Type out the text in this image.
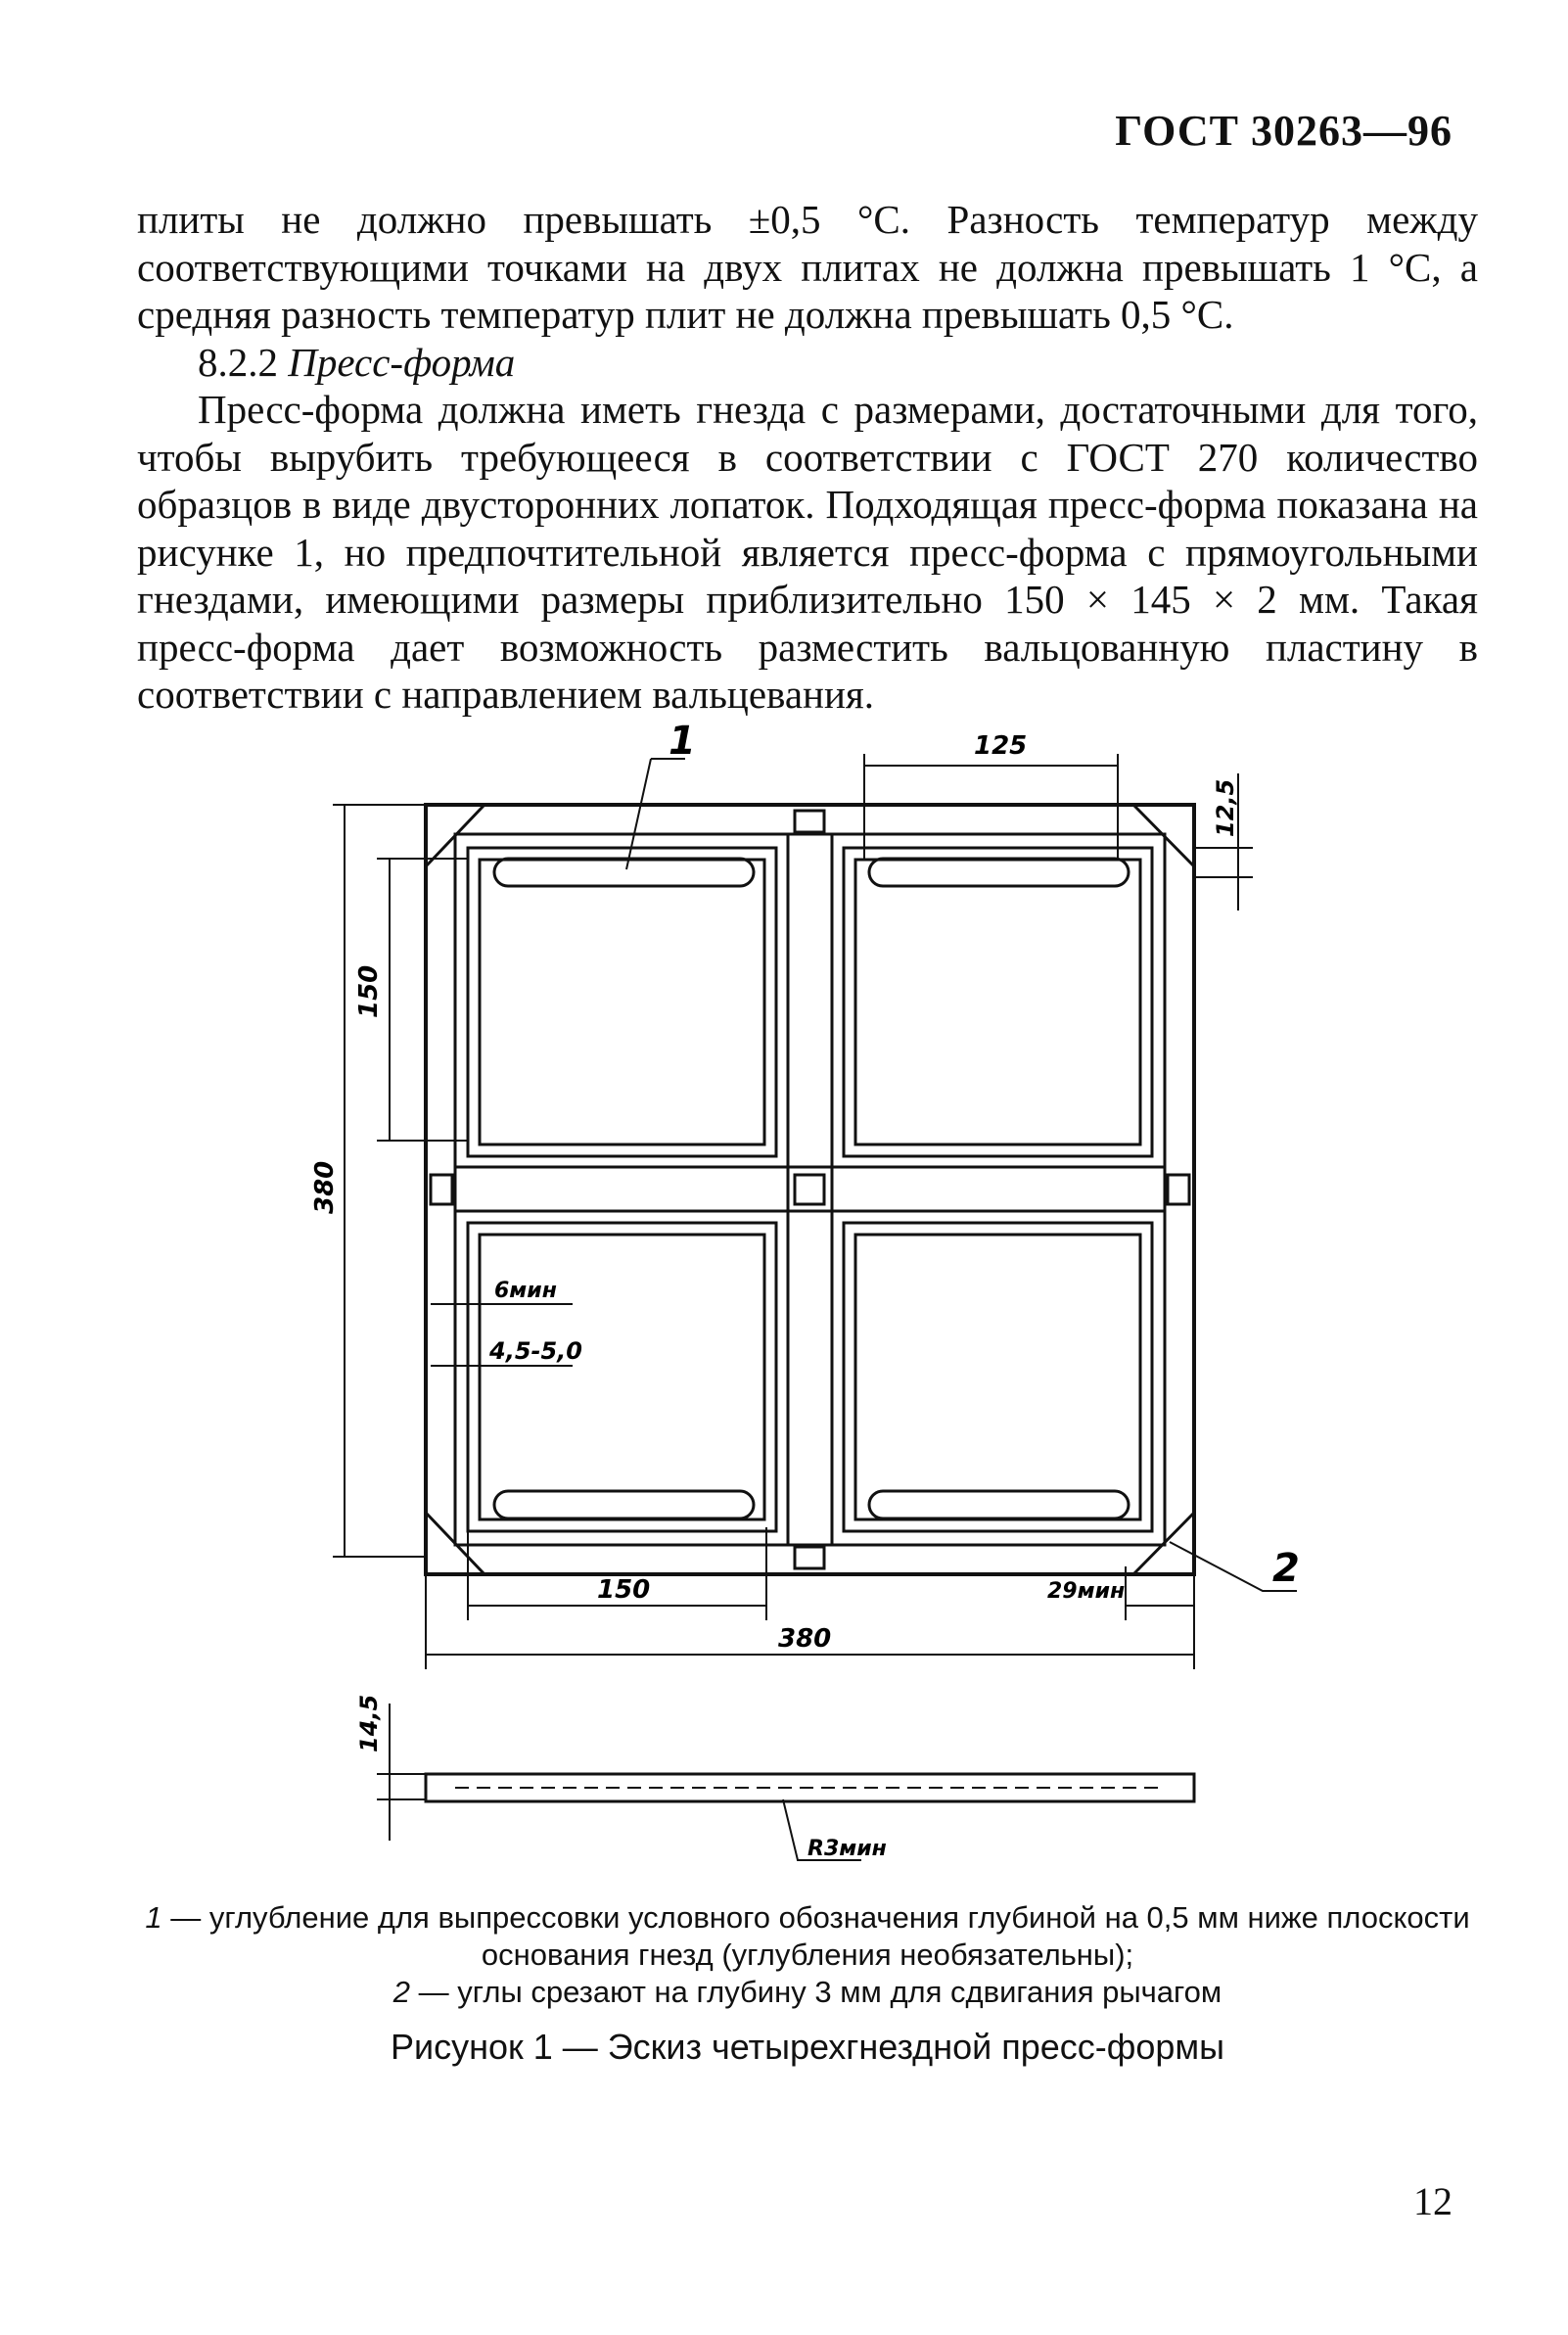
ГОСТ 30263—96

плиты не должно превышать ±0,5 °С. Разность температур между соответствующими точками на двух плитах не должна превышать 1 °С, а средняя разность температур плит не должна превышать 0,5 °С.

8.2.2 Пресс-форма

Пресс-форма должна иметь гнезда с размерами, достаточными для того, чтобы вырубить требующееся в соответствии с ГОСТ 270 количество образцов в виде двусторонних лопаток. Подходящая пресс-форма показана на рисунке 1, но предпочтительной является пресс-форма с прямоугольными гнездами, имеющими размеры приблизительно 150 × 145 × 2 мм. Такая пресс-форма дает возможность разместить вальцованную пластину в соответствии с направлением вальцевания.

1	125
12,5
150
380
6мин
4,5-5,0
150	29мин
380
2
14,5
R3мин

1 — углубление для выпрессовки условного обозначения глубиной на 0,5 мм ниже плоскости основания гнезд (углубления необязательны);

2 — углы срезают на глубину 3 мм для сдвигания рычагом

Рисунок 1 — Эскиз четырехгнездной пресс-формы
12
